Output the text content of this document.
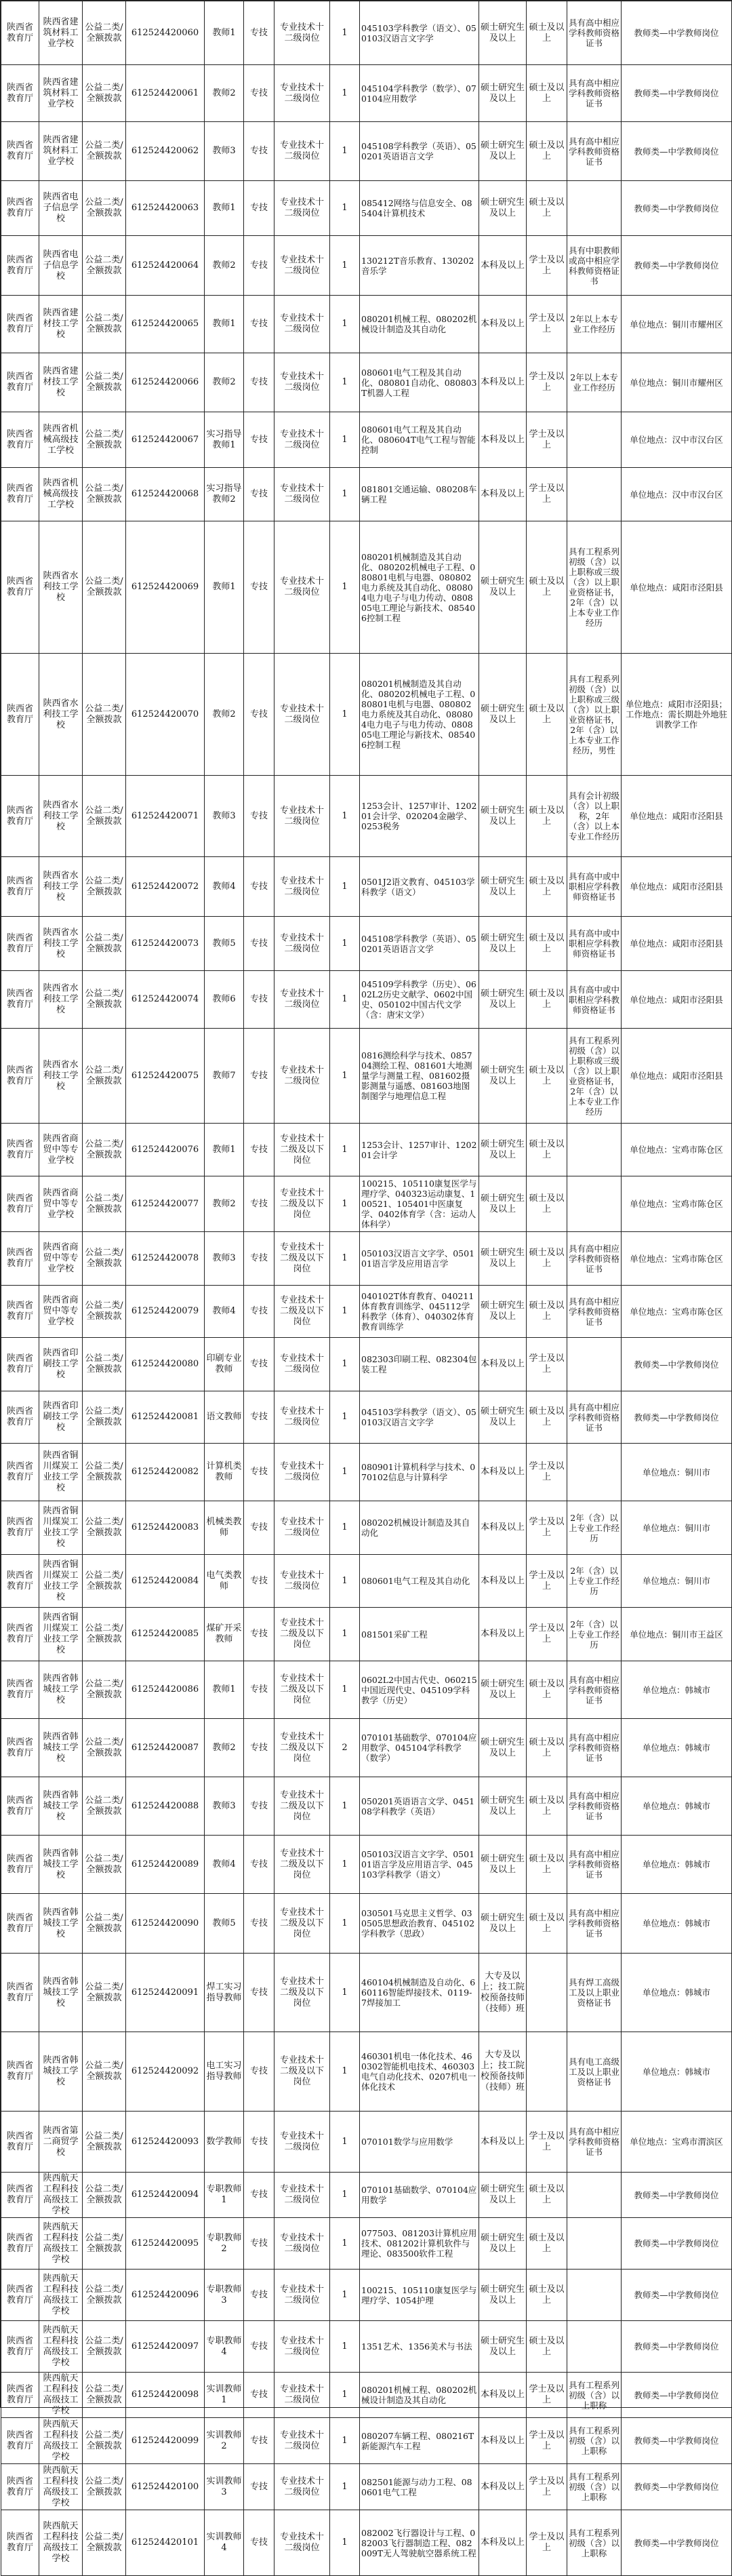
陕西省教育厅	陕西省建筑材料工业学校	公益二类/全额拨款	612524420060	教师1	专技	专业技术十二级岗位	1	045103学科教学（语文）、050103汉语言文字学	硕士研究生及以上	硕士及以上	具有高中相应学科教师资格证书	教师类—中学教师岗位
陕西省教育厅	陕西省建筑材料工业学校	公益二类/全额拨款	612524420061	教师2	专技	专业技术十二级岗位	1	045104学科教学（数学）、070104应用数学	硕士研究生及以上	硕士及以上	具有高中相应学科教师资格证书	教师类—中学教师岗位
陕西省教育厅	陕西省建筑材料工业学校	公益二类/全额拨款	612524420062	教师3	专技	专业技术十二级岗位	1	045108学科教学（英语）、050201英语语言文学	硕士研究生及以上	硕士及以上	具有高中相应学科教师资格证书	教师类—中学教师岗位
陕西省教育厅	陕西省电子信息学校	公益二类/全额拨款	612524420063	教师1	专技	专业技术十二级岗位	1	085412网络与信息安全、085404计算机技术	硕士研究生及以上	硕士及以上		教师类—中学教师岗位
陕西省教育厅	陕西省电子信息学校	公益二类/全额拨款	612524420064	教师2	专技	专业技术十二级岗位	1	130212T音乐教育、130202音乐学	本科及以上	学士及以上	具有中职教师或高中相应学科教师资格证书	教师类—中学教师岗位
陕西省教育厅	陕西省建材技工学校	公益二类/全额拨款	612524420065	教师1	专技	专业技术十二级岗位	1	080201机械工程、080202机械设计制造及其自动化	本科及以上	学士及以上	2年以上本专业工作经历	单位地点：铜川市耀州区
陕西省教育厅	陕西省建材技工学校	公益二类/全额拨款	612524420066	教师2	专技	专业技术十二级岗位	1	080601电气工程及其自动化、080801自动化、080803T机器人工程	本科及以上	学士及以上	2年以上本专业工作经历	单位地点：铜川市耀州区
陕西省教育厅	陕西省机械高级技工学校	公益二类/全额拨款	612524420067	实习指导教师1	专技	专业技术十二级岗位	1	080601电气工程及其自动化、080604T电气工程与智能控制	本科及以上	学士及以上		单位地点：汉中市汉台区
陕西省教育厅	陕西省机械高级技工学校	公益二类/全额拨款	612524420068	实习指导教师2	专技	专业技术十二级岗位	1	081801交通运输、080208车辆工程	本科及以上	学士及以上		单位地点：汉中市汉台区
陕西省教育厅	陕西省水利技工学校	公益二类/全额拨款	612524420069	教师1	专技	专业技术十二级岗位	1	080201机械制造及其自动化、080202机械电子工程、080801电机与电器、080802电力系统及其自动化、080804电力电子与电力传动、080805电工理论与新技术、085406控制工程	硕士研究生及以上	硕士及以上	具有工程系列初级（含）以上职称或三级（含）以上职业资格证书，2年（含）以上本专业工作经历	单位地点：咸阳市泾阳县
陕西省教育厅	陕西省水利技工学校	公益二类/全额拨款	612524420070	教师2	专技	专业技术十二级岗位	1	080201机械制造及其自动化、080202机械电子工程、080801电机与电器、080802电力系统及其自动化、080804电力电子与电力传动、080805电工理论与新技术、085406控制工程	硕士研究生及以上	硕士及以上	具有工程系列初级（含）以上职称或三级（含）以上职业资格证书，2年（含）以上本专业工作经历，男性	单位地点：咸阳市泾阳县；工作地点：需长期赴外地驻训教学工作
陕西省教育厅	陕西省水利技工学校	公益二类/全额拨款	612524420071	教师3	专技	专业技术十二级岗位	1	1253会计、1257审计、120201会计学、020204金融学、0253税务	硕士研究生及以上	硕士及以上	具有会计初级（含）以上职称，2年（含）以上本专业工作经历	单位地点：咸阳市泾阳县
陕西省教育厅	陕西省水利技工学校	公益二类/全额拨款	612524420072	教师4	专技	专业技术十二级岗位	1	0501J2语文教育、045103学科教学（语文）	硕士研究生及以上	硕士及以上	具有高中或中职相应学科教师资格证书	单位地点：咸阳市泾阳县
陕西省教育厅	陕西省水利技工学校	公益二类/全额拨款	612524420073	教师5	专技	专业技术十二级岗位	1	045108学科教学（英语）、050201英语语言文学	硕士研究生及以上	硕士及以上	具有高中或中职相应学科教师资格证书	单位地点：咸阳市泾阳县
陕西省教育厅	陕西省水利技工学校	公益二类/全额拨款	612524420074	教师6	专技	专业技术十二级岗位	1	045109学科教学（历史）、0602L2历史文献学、0602中国史、050102中国古代文学（含：唐宋文学）	硕士研究生及以上	硕士及以上	具有高中或中职相应学科教师资格证书	单位地点：咸阳市泾阳县
陕西省教育厅	陕西省水利技工学校	公益二类/全额拨款	612524420075	教师7	专技	专业技术十二级岗位	1	0816测绘科学与技术、085704测绘工程、081601大地测量学与测量工程、081602摄影测量与遥感、081603地图制图学与地理信息工程	硕士研究生及以上	硕士及以上	具有工程系列初级（含）以上职称或三级（含）以上职业资格证书，2年（含）以上本专业工作经历	单位地点：咸阳市泾阳县
陕西省教育厅	陕西省商贸中等专业学校	公益二类/全额拨款	612524420076	教师1	专技	专业技术十二级及以下岗位	1	1253会计、1257审计、120201会计学	硕士研究生及以上	硕士及以上		单位地点：宝鸡市陈仓区
陕西省教育厅	陕西省商贸中等专业学校	公益二类/全额拨款	612524420077	教师2	专技	专业技术十二级及以下岗位	1	100215、105110康复医学与理疗学、040323运动康复、100521、105401中医康复学、0402体育学（含：运动人体科学）	硕士研究生及以上	硕士及以上		单位地点：宝鸡市陈仓区
陕西省教育厅	陕西省商贸中等专业学校	公益二类/全额拨款	612524420078	教师3	专技	专业技术十二级及以下岗位	1	050103汉语言文字学、050101语言学及应用语言学	硕士研究生及以上	硕士及以上	具有高中相应学科教师资格证书	单位地点：宝鸡市陈仓区
陕西省教育厅	陕西省商贸中等专业学校	公益二类/全额拨款	612524420079	教师4	专技	专业技术十二级及以下岗位	1	040102T体育教育、040211体育教育训练学、045112学科教学（体育）、040302体育教育训练学	硕士研究生及以上	硕士及以上	具有高中相应学科教师资格证书	单位地点：宝鸡市陈仓区
陕西省教育厅	陕西省印刷技工学校	公益二类/全额拨款	612524420080	印刷专业教师	专技	专业技术十二级岗位	1	082303印刷工程、082304包装工程	本科及以上	学士及以上		教师类—中学教师岗位
陕西省教育厅	陕西省印刷技工学校	公益二类/全额拨款	612524420081	语文教师	专技	专业技术十二级岗位	1	045103学科教学（语文）、050103汉语言文字学	硕士研究生及以上	硕士及以上	具有高中相应学科教师资格证书	教师类—中学教师岗位
陕西省教育厅	陕西省铜川煤炭工业技工学校	公益二类/全额拨款	612524420082	计算机类教师	专技	专业技术十二级岗位	1	080901计算机科学与技术、070102信息与计算科学	本科及以上	学士及以上		单位地点：铜川市
陕西省教育厅	陕西省铜川煤炭工业技工学校	公益二类/全额拨款	612524420083	机械类教师	专技	专业技术十二级岗位	1	080202机械设计制造及其自动化	本科及以上	学士及以上	2年（含）以上专业工作经历	单位地点：铜川市
陕西省教育厅	陕西省铜川煤炭工业技工学校	公益二类/全额拨款	612524420084	电气类教师	专技	专业技术十二级岗位	1	080601电气工程及其自动化	本科及以上	学士及以上	2年（含）以上专业工作经历	单位地点：铜川市
陕西省教育厅	陕西省铜川煤炭工业技工学校	公益二类/全额拨款	612524420085	煤矿开采教师	专技	专业技术十二级及以下岗位	1	081501采矿工程	本科及以上	学士及以上	2年（含）以上专业工作经历	单位地点：铜川市王益区
陕西省教育厅	陕西省韩城技工学校	公益二类/全额拨款	612524420086	教师1	专技	专业技术十二级及以下岗位	1	0602L2中国古代史、060215中国近现代史、045109学科教学（历史）	硕士研究生及以上	硕士及以上	具有高中相应学科教师资格证书	单位地点：韩城市
陕西省教育厅	陕西省韩城技工学校	公益二类/全额拨款	612524420087	教师2	专技	专业技术十二级及以下岗位	2	070101基础数学、070104应用数学、045104学科教学（数学）	硕士研究生及以上	硕士及以上	具有高中相应学科教师资格证书	单位地点：韩城市
陕西省教育厅	陕西省韩城技工学校	公益二类/全额拨款	612524420088	教师3	专技	专业技术十二级及以下岗位	1	050201英语语言文学、045108学科教学（英语）	硕士研究生及以上	硕士及以上	具有高中相应学科教师资格证书	单位地点：韩城市
陕西省教育厅	陕西省韩城技工学校	公益二类/全额拨款	612524420089	教师4	专技	专业技术十二级及以下岗位	1	050103汉语言文字学、050101语言学及应用语言学、045103学科教学（语文）	硕士研究生及以上	硕士及以上	具有高中相应学科教师资格证书	单位地点：韩城市
陕西省教育厅	陕西省韩城技工学校	公益二类/全额拨款	612524420090	教师5	专技	专业技术十二级及以下岗位	1	030501马克思主义哲学、030505思想政治教育、045102学科教学（思政）	硕士研究生及以上	硕士及以上	具有高中相应学科教师资格证书	单位地点：韩城市
陕西省教育厅	陕西省韩城技工学校	公益二类/全额拨款	612524420091	焊工实习指导教师	专技	专业技术十二级及以下岗位	1	460104机械制造及自动化、660116智能焊接技术、0119-7焊接加工	大专及以上；技工院校预备技师（技师）班		具有焊工高级工及以上职业资格证书	单位地点：韩城市
陕西省教育厅	陕西省韩城技工学校	公益二类/全额拨款	612524420092	电工实习指导教师	专技	专业技术十二级及以下岗位	1	460301机电一体化技术、460302智能机电技术、460303电气自动化技术、0207机电一体化技术	大专及以上；技工院校预备技师（技师）班		具有电工高级工及以上职业资格证书	单位地点：韩城市
陕西省教育厅	陕西省第二商贸学校	公益二类/全额拨款	612524420093	数学教师	专技	专业技术十二级岗位	1	070101数学与应用数学	本科及以上	学士及以上	具有高中相应学科教师资格证书	单位地点：宝鸡市渭滨区
陕西省教育厅	陕西航天工程科技高级技工学校	公益二类/全额拨款	612524420094	专职教师1	专技	专业技术十二级岗位	1	070101基础数学、070104应用数学	硕士研究生及以上	硕士及以上		教师类—中学教师岗位
陕西省教育厅	陕西航天工程科技高级技工学校	公益二类/全额拨款	612524420095	专职教师2	专技	专业技术十二级岗位	1	077503、081203计算机应用技术、081202计算机软件与理论、083500软件工程	硕士研究生及以上	硕士及以上		教师类—中学教师岗位
陕西省教育厅	陕西航天工程科技高级技工学校	公益二类/全额拨款	612524420096	专职教师3	专技	专业技术十二级岗位	1	100215、105110康复医学与理疗学、1054护理	硕士研究生及以上	硕士及以上		教师类—中学教师岗位
陕西省教育厅	陕西航天工程科技高级技工学校	公益二类/全额拨款	612524420097	专职教师4	专技	专业技术十二级岗位	1	1351艺术、1356美术与书法	硕士研究生及以上	硕士及以上		教师类—中学教师岗位
陕西省教育厅	陕西航天工程科技高级技工学校	公益二类/全额拨款	612524420098	实训教师1	专技	专业技术十二级岗位	1	080201机械工程、080202机械设计制造及其自动化	本科及以上	学士及以上	具有工程系列初级（含）以上职称	教师类—中学教师岗位
陕西省教育厅	陕西航天工程科技高级技工学校	公益二类/全额拨款	612524420099	实训教师2	专技	专业技术十二级岗位	1	080207车辆工程、080216T新能源汽车工程	本科及以上	学士及以上	具有工程系列初级（含）以上职称	教师类—中学教师岗位
陕西省教育厅	陕西航天工程科技高级技工学校	公益二类/全额拨款	612524420100	实训教师3	专技	专业技术十二级岗位	1	082501能源与动力工程、080601电气工程	本科及以上	学士及以上	具有工程系列初级（含）以上职称	教师类—中学教师岗位
陕西省教育厅	陕西航天工程科技高级技工学校	公益二类/全额拨款	612524420101	实训教师4	专技	专业技术十二级岗位	1	082002飞行器设计与工程、082003飞行器制造工程、082009T无人驾驶航空器系统工程	本科及以上	学士及以上	具有工程系列初级（含）以上职称	教师类—中学教师岗位
